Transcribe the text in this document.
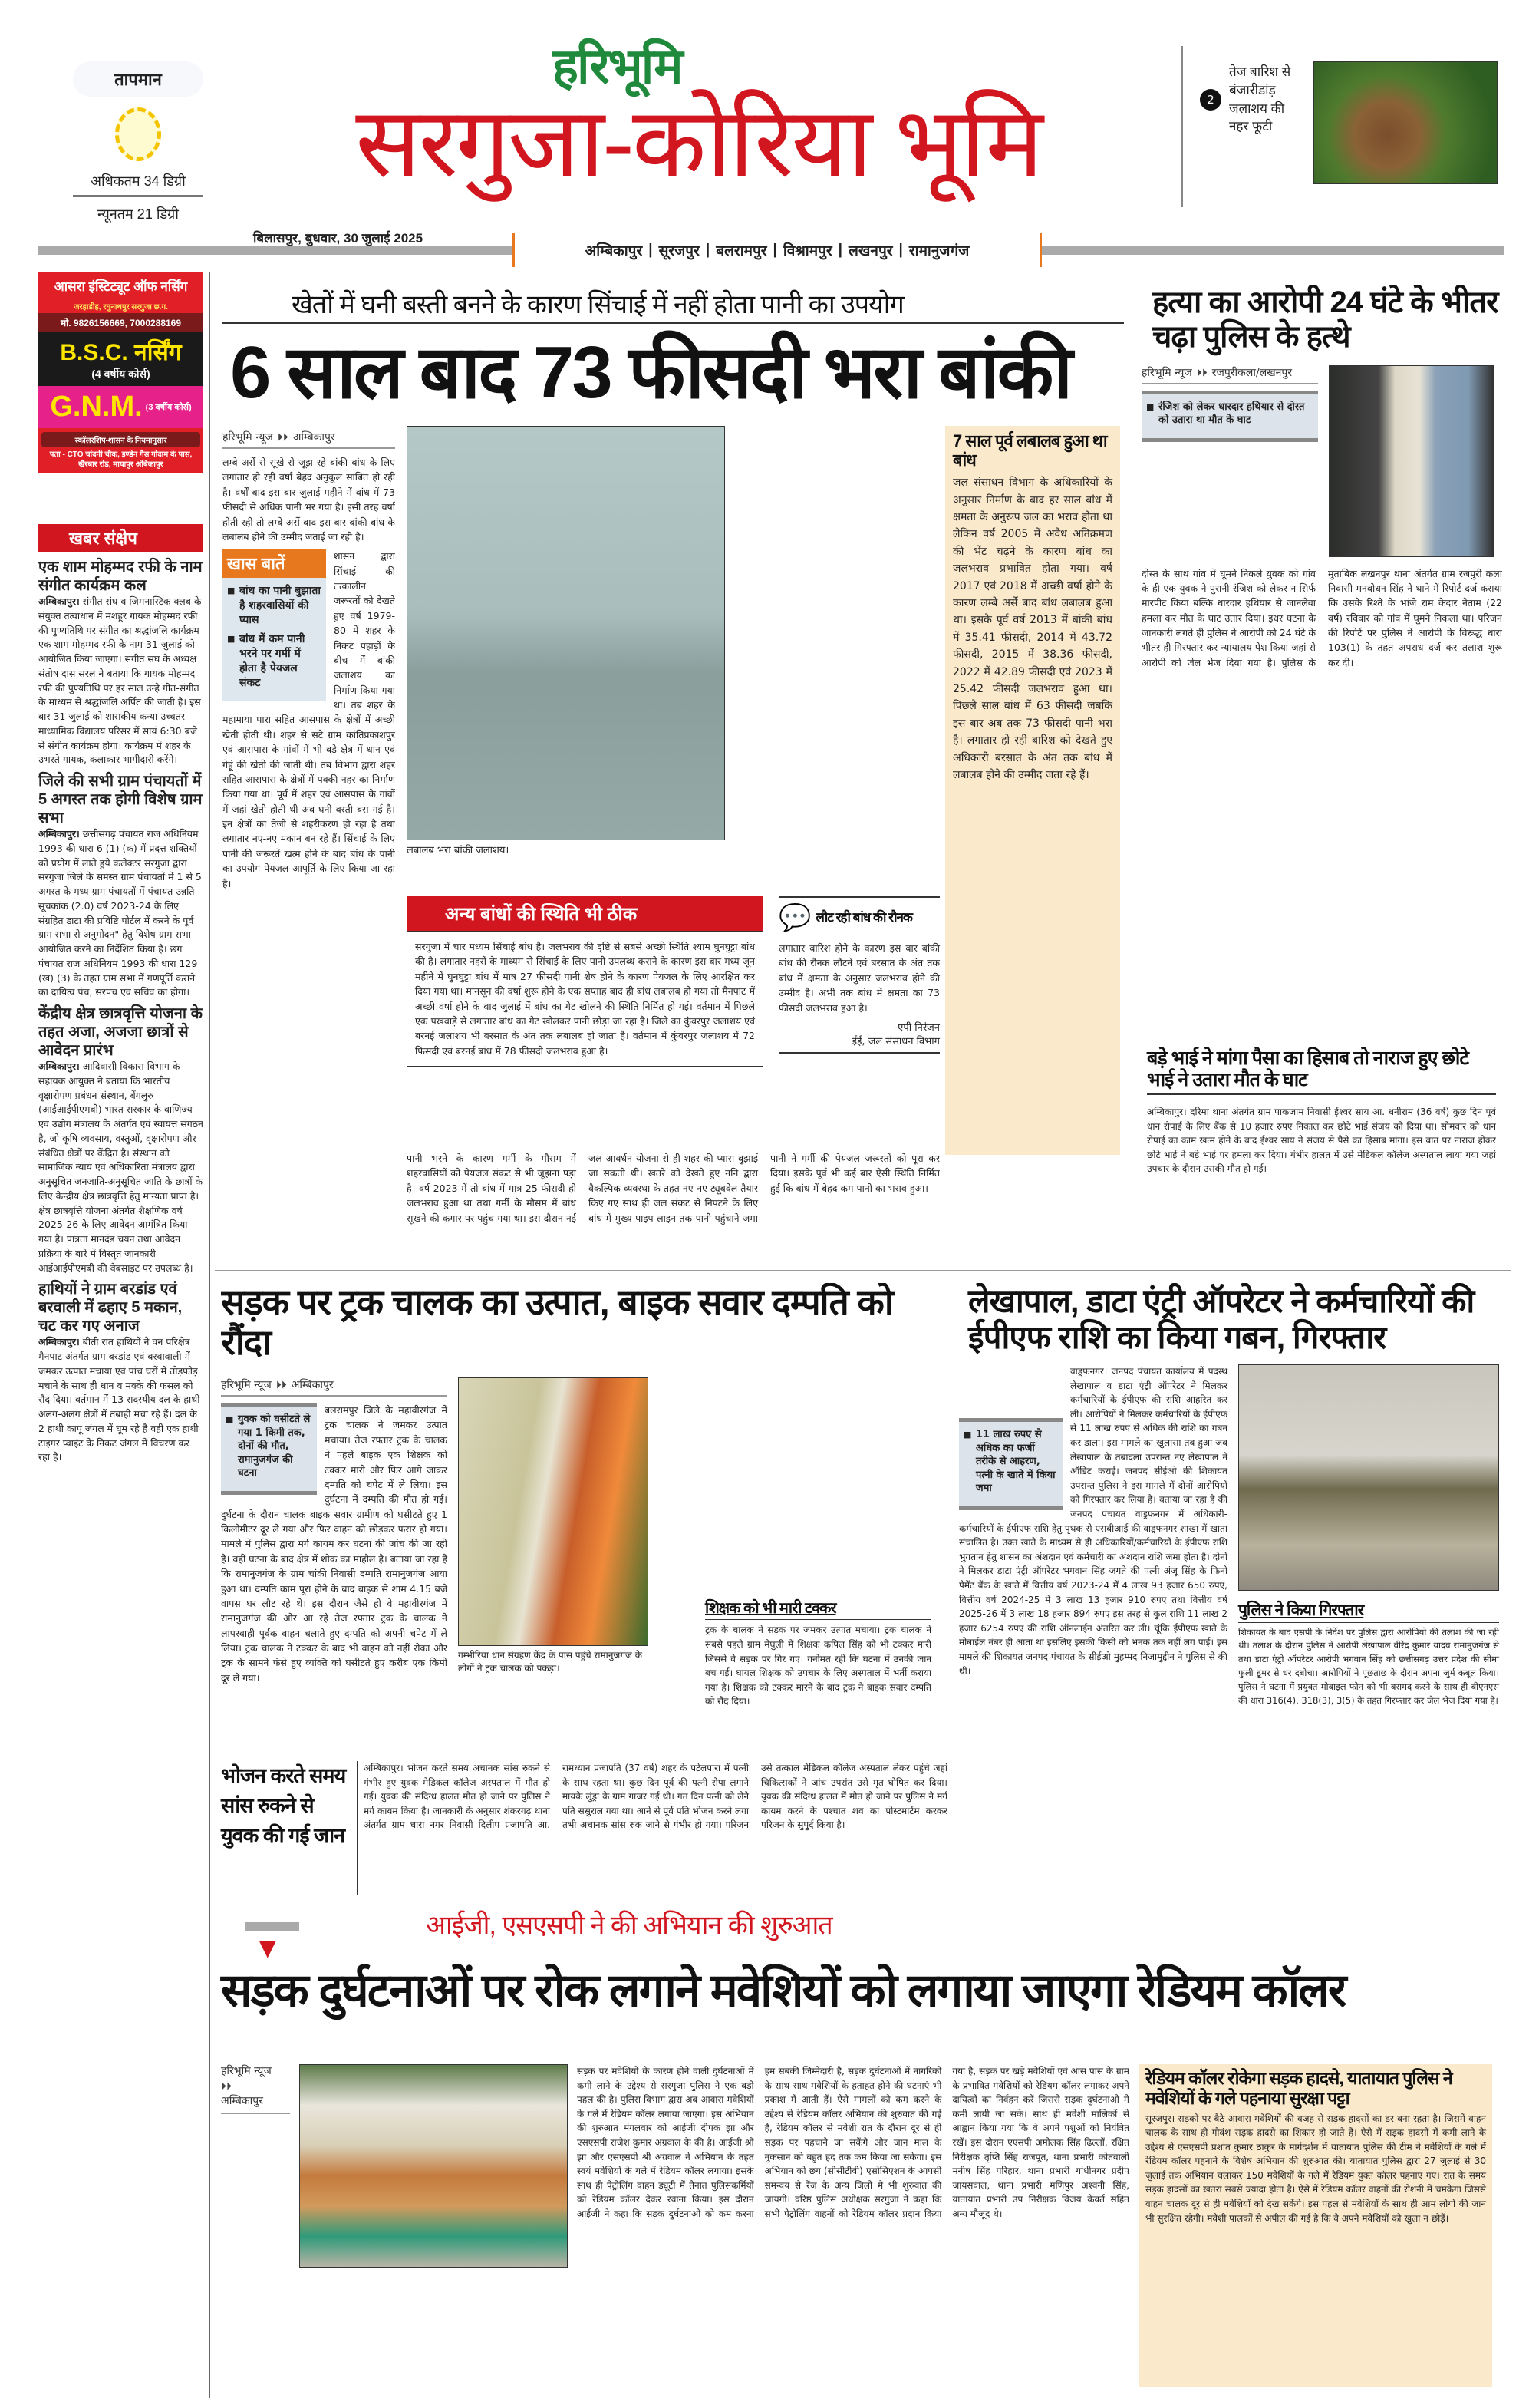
तापमान
अधिकतम 34 डिग्री
न्यूनतम 21 डिग्री
हरिभूमि
सरगुजा-कोरिया भूमि	2
तेज बारिश से बंजारीडांड़ जलाशय की नहर फूटी
बिलासपुर, बुधवार, 30 जुलाई 2025
अम्बिकापुर | सूरजपुर | बलरामपुर | विश्रामपुर | लखनपुर | रामानुजगंज
आसरा इंस्टिट्यूट ऑफ नर्सिंग
जरहाडीह, रघुनाथपुर सरगुजा छ.ग.
मो. 9826156669, 7000288169
B.S.C. नर्सिंग
(4 वर्षीय कोर्स)
G.N.M. (3 वर्षीय कोर्स)
स्कॉलरशिप-शासन के नियमानुसार
पता - CTO चांदनी चौक, इण्डेन गैस गोदाम के पास, खैरबार रोड, मायापुर अंबिकापुर
खबर संक्षेप
एक शाम मोहम्मद रफी के नाम संगीत कार्यक्रम कल
अम्बिकापुर। संगीत संघ व जिमनास्टिक क्लब के संयुक्त तत्वाधान में मशहूर गायक मोहम्मद रफी की पुण्यतिथि पर संगीत का श्रद्धांजलि कार्यक्रम एक शाम मोहम्मद रफी के नाम 31 जुलाई को आयोजित किया जाएगा। संगीत संघ के अध्यक्ष संतोष दास सरल ने बताया कि गायक मोहम्मद रफी की पुण्यतिथि पर हर साल उन्हे गीत-संगीत के माध्यम से श्रद्धांजलि अर्पित की जाती है। इस बार 31 जुलाई को शासकीय कन्या उच्चतर माध्यामिक विद्यालय परिसर में सायं 6:30 बजे से संगीत कार्यक्रम होगा। कार्यक्रम में शहर के उभरते गायक, कलाकार भागीदारी करेंगे।
जिले की सभी ग्राम पंचायतों में 5 अगस्त तक होगी विशेष ग्राम सभा
अम्बिकापुर। छत्तीसगढ़ पंचायत राज अधिनियम 1993 की धारा 6 (1) (क) में प्रदत्त शक्तियों को प्रयोग में लाते हुये कलेक्टर सरगुजा द्वारा सरगुजा जिले के समस्त ग्राम पंचायतों में 1 से 5 अगस्त के मध्य ग्राम पंचायतों में पंचायत उन्नति सूचकांक (2.0) वर्ष 2023-24 के लिए संग्रहित डाटा की प्रविष्टि पोर्टल में करने के पूर्व ग्राम सभा से अनुमोदन" हेतु विशेष ग्राम सभा आयोजित करने का निर्देशित किया है। छग पंचायत राज अधिनियम 1993 की धारा 129 (ख) (3) के तहत ग्राम सभा में गणपूर्ति कराने का दायित्व पंच, सरपंच एवं सचिव का होगा।
केंद्रीय क्षेत्र छात्रवृत्ति योजना के तहत अजा, अजजा छात्रों से आवेदन प्रारंभ
अम्बिकापुर। आदिवासी विकास विभाग के सहायक आयुक्त ने बताया कि भारतीय वृक्षारोपण प्रबंधन संस्थान, बेंगलुरु (आईआईपीएमबी) भारत सरकार के वाणिज्य एवं उद्योग मंत्रालय के अंतर्गत एवं स्वायत्त संगठन है, जो कृषि व्यवसाय, वस्तुओं, वृक्षारोपण और संबंधित क्षेत्रों पर केंद्रित है। संस्थान को सामाजिक न्याय एवं अधिकारिता मंत्रालय द्वारा अनुसूचित जनजाति-अनुसूचित जाति के छात्रों के लिए केन्द्रीय क्षेत्र छात्रवृत्ति हेतु मान्यता प्राप्त है। क्षेत्र छात्रवृत्ति योजना अंतर्गत शैक्षणिक वर्ष 2025-26 के लिए आवेदन आमंत्रित किया गया है। पात्रता मानदंड चयन तथा आवेदन प्रक्रिया के बारे में विस्तृत जानकारी आईआईपीएमबी की वेबसाइट पर उपलब्ध है।
हाथियों ने ग्राम बरडांड एवं बरवाली में ढहाए 5 मकान, चट कर गए अनाज
अम्बिकापुर। बीती रात हाथियों ने वन परिक्षेत्र मैनपाट अंतर्गत ग्राम बरडांड एवं बरवावाली में जमकर उत्पात मचाया एवं पांच घरों में तोड़फोड़ मचाने के साथ ही धान व मक्के की फसल को रौंद दिया। वर्तमान में 13 सदस्यीय दल के हाथी अलग-अलग क्षेत्रों में तबाही मचा रहे हैं। दल के 2 हाथी कापू जंगल में घूम रहे है वहीं एक हाथी टाइगर प्वाइंट के निकट जंगल में विचरण कर रहा है।
खेतों में घनी बस्ती बनने के कारण सिंचाई में नहीं होता पानी का उपयोग
6 साल बाद 73 फीसदी भरा बांकी
हरिभूमि न्यूज ⏵⏵ अम्बिकापुर
लम्बे अर्से से सूखे से जूझ रहे बांकी बांध के लिए लगातार हो रही वर्षा बेहद अनुकूल साबित हो रही है। वर्षों बाद इस बार जुलाई महीने में बांध में 73 फीसदी से अधिक पानी भर गया है। इसी तरह वर्षा होती रही तो लम्बे अर्से बाद इस बार बांकी बांध के लबालब होने की उम्मीद जताई जा रही है।
खास बातें
■ बांध का पानी बुझाता है शहरवासियों की प्यास
■ बांध में कम पानी भरने पर गर्मी में होता है पेयजल संकट
शासन द्वारा सिंचाई की तत्कालीन जरूरतों को देखते हुए वर्ष 1979-80 में शहर के निकट पहाड़ों के बीच में बांकी जलाशय का निर्माण किया गया था। तब शहर के महामाया पारा सहित आसपास के क्षेत्रों में अच्छी खेती होती थी। शहर से सटे ग्राम कांतिप्रकाशपुर एवं आसपास के गांवों में भी बड़े क्षेत्र में धान एवं गेहूं की खेती की जाती थी। तब विभाग द्वारा शहर सहित आसपास के क्षेत्रों में पक्की नहर का निर्माण किया गया था। पूर्व में शहर एवं आसपास के गांवों में जहां खेती होती थी अब घनी बस्ती बस गई है। इन क्षेत्रों का तेजी से शहरीकरण हो रहा है तथा लगातार नए-नए मकान बन रहे हैं। सिंचाई के लिए पानी की जरूरतें खत्म होने के बाद बांध के पानी का उपयोग पेयजल आपूर्ति के लिए किया जा रहा है।
लबालब भरा बांकी जलाशय।
7 साल पूर्व लबालब हुआ था बांध
जल संसाधन विभाग के अधिकारियों के अनुसार निर्माण के बाद हर साल बांध में क्षमता के अनुरूप जल का भराव होता था लेकिन वर्ष 2005 में अवैध अतिक्रमण की भेंट चढ़ने के कारण बांध का जलभराव प्रभावित होता गया। वर्ष 2017 एवं 2018 में अच्छी वर्षा होने के कारण लम्बे अर्से बाद बांध लबालब हुआ था। इसके पूर्व वर्ष 2013 में बांकी बांध में 35.41 फीसदी, 2014 में 43.72 फीसदी, 2015 में 38.36 फीसदी, 2022 में 42.89 फीसदी एवं 2023 में 25.42 फीसदी जलभराव हुआ था। पिछले साल बांध में 63 फीसदी जबकि इस बार अब तक 73 फीसदी पानी भरा है। लगातार हो रही बारिश को देखते हुए अधिकारी बरसात के अंत तक बांध में लबालब होने की उम्मीद जता रहे हैं।
अन्य बांधों की स्थिति भी ठीक
सरगुजा में चार मध्यम सिंचाई बांध है। जलभराव की दृष्टि से सबसे अच्छी स्थिति श्याम घुनघुट्टा बांध की है। लगातार नहरों के माध्यम से सिंचाई के लिए पानी उपलब्ध कराने के कारण इस बार मध्य जून महीने में घुनघुट्टा बांध में मात्र 27 फीसदी पानी शेष होने के कारण पेयजल के लिए आरक्षित कर दिया गया था। मानसून की वर्षा शुरू होने के एक सप्ताह बाद ही बांध लबालब हो गया तो मैनपाट में अच्छी वर्षा होने के बाद जुलाई में बांध का गेट खोलने की स्थिति निर्मित हो गई। वर्तमान में पिछले एक पखवाड़े से लगातार बांध का गेट खोलकर पानी छोड़ा जा रहा है। जिले का कुंवरपुर जलाशय एवं बरनई जलाशय भी बरसात के अंत तक लबालब हो जाता है। वर्तमान में कुंवरपुर जलाशय में 72 फिसदी एवं बरनई बांध में 78 फीसदी जलभराव हुआ है।
💬 लौट रही बांध की रौनक
लगातार बारिश होने के कारण इस बार बांकी बांध की रौनक लौटने एवं बरसात के अंत तक बांध में क्षमता के अनुसार जलभराव होने की उम्मीद है। अभी तक बांध में क्षमता का 73 फीसदी जलभराव हुआ है।
-एपी निरंजन
ईई, जल संसाधन विभाग
पानी भरने के कारण गर्मी के मौसम में शहरवासियों को पेयजल संकट से भी जूझना पड़ा है। वर्ष 2023 में तो बांध में मात्र 25 फीसदी ही जलभराव हुआ था तथा गर्मी के मौसम में बांध सूखने की कगार पर पहुंच गया था। इस दौरान नई जल आवर्धन योजना से ही शहर की प्यास बुझाई जा सकती थी। खतरे को देखते हुए ननि द्वारा वैकल्पिक व्यवस्था के तहत नए-नए ट्यूबवेल तैयार किए गए साथ ही जल संकट से निपटने के लिए बांध में मुख्य पाइप लाइन तक पानी पहुंचाने जमा पानी ने गर्मी की पेयजल जरूरतों को पूरा कर दिया। इसके पूर्व भी कई बार ऐसी स्थिति निर्मित हुई कि बांध में बेहद कम पानी का भराव हुआ।
हत्या का आरोपी 24 घंटे के भीतर चढ़ा पुलिस के हत्थे
हरिभूमि न्यूज ⏵⏵ रजपुरीकला/लखनपुर
■ रंजिश को लेकर धारदार हथियार से दोस्त को उतारा था मौत के घाट
दोस्त के साथ गांव में घूमने निकले युवक को गांव के ही एक युवक ने पुरानी रंजिश को लेकर न सिर्फ मारपीट किया बल्कि धारदार हथियार से जानलेवा हमला कर मौत के घाट उतार दिया। इधर घटना के जानकारी लगते ही पुलिस ने आरोपी को 24 घंटे के भीतर ही गिरफ्तार कर न्यायालय पेश किया जहां से आरोपी को जेल भेज दिया गया है। पुलिस के मुताबिक लखनपुर थाना अंतर्गत ग्राम रजपुरी कला निवासी मनबोधन सिंह ने थाने में रिपोर्ट दर्ज कराया कि उसके रिश्ते के भांजे राम केदार नेताम (22 वर्ष) रविवार को गांव में घूमने निकला था। परिजन की रिपोर्ट पर पुलिस ने आरोपी के विरूद्ध धारा 103(1) के तहत अपराध दर्ज कर तलाश शुरू कर दी।
बड़े भाई ने मांगा पैसा का हिसाब तो नाराज हुए छोटे भाई ने उतारा मौत के घाट
अम्बिकापुर। दरिमा थाना अंतर्गत ग्राम पाकजाम निवासी ईश्वर साय आ. धनीराम (36 वर्ष) कुछ दिन पूर्व धान रोपाई के लिए बैंक से 10 हजार रुपए निकाल कर छोटे भाई संजय को दिया था। सोमवार को धान रोपाई का काम खत्म होने के बाद ईश्वर साय ने संजय से पैसे का हिसाब मांगा। इस बात पर नाराज होकर छोटे भाई ने बड़े भाई पर हमला कर दिया। गंभीर हालत में उसे मेडिकल कॉलेज अस्पताल लाया गया जहां उपचार के दौरान उसकी मौत हो गई।
सड़क पर ट्रक चालक का उत्पात, बाइक सवार दम्पति को रौंदा
हरिभूमि न्यूज ⏵⏵ अम्बिकापुर
■ युवक को घसीटते ले गया 1 किमी तक, दोनों की मौत, रामानुजगंज की घटना
बलरामपुर जिले के महावीरगंज में ट्रक चालक ने जमकर उत्पात मचाया। तेज रफ्तार ट्रक के चालक ने पहले बाइक एक शिक्षक को टक्कर मारी और फिर आगे जाकर दम्पति को चपेट में ले लिया। इस दुर्घटना में दम्पति की मौत हो गई। दुर्घटना के दौरान चालक बाइक सवार ग्रामीण को घसीटते हुए 1 किलोमीटर दूर ले गया और फिर वाहन को छोड़कर फरार हो गया। मामले में पुलिस द्वारा मर्ग कायम कर घटना की जांच की जा रही है। वहीं घटना के बाद क्षेत्र में शोक का माहौल है। बताया जा रहा है कि रामानुजगंज के ग्राम चांकी निवासी दम्पति रामानुजगंज आया हुआ था। दम्पति काम पूरा होने के बाद बाइक से शाम 4.15 बजे वापस घर लौट रहे थे। इस दौरान जैसे ही वे महावीरगंज में रामानुजगंज की ओर आ रहे तेज रफ्तार ट्रक के चालक ने लापरवाही पूर्वक वाहन चलाते हुए दम्पति को अपनी चपेट में ले लिया। ट्रक चालक ने टक्कर के बाद भी वाहन को नहीं रोका और ट्रक के सामने फंसे हुए व्यक्ति को घसीटते हुए करीब एक किमी दूर ले गया।
गम्भीरिया धान संग्रहण केंद्र के पास पहुंचे रामानुजगंज के लोगों ने ट्रक चालक को पकड़ा।
शिक्षक को भी मारी टक्कर
ट्रक के चालक ने सड़क पर जमकर उत्पात मचाया। ट्रक चालक ने सबसे पहले ग्राम मेघुली में शिक्षक कपिल सिंह को भी टक्कर मारी जिससे वे सड़क पर गिर गए। गनीमत रही कि घटना में उनकी जान बच गई। घायल शिक्षक को उपचार के लिए अस्पताल में भर्ती कराया गया है। शिक्षक को टक्कर मारने के बाद ट्रक ने बाइक सवार दम्पति को रौंद दिया।
लेखापाल, डाटा एंट्री ऑपरेटर ने कर्मचारियों की ईपीएफ राशि का किया गबन, गिरफ्तार
■ 11 लाख रुपए से अधिक का फर्जी तरीके से आहरण, पत्नी के खाते में किया जमा
वाड्रफनगर। जनपद पंचायत कार्यालय में पदस्थ लेखापाल व डाटा एंट्री ऑपरेटर ने मिलकर कर्मचारियों के ईपीएफ की राशि आहरित कर ली। आरोपियों ने मिलकर कर्मचारियों के ईपीएफ से 11 लाख रुपए से अधिक की राशि का गबन कर डाला। इस मामले का खुलासा तब हुआ जब लेखापाल के तबादला उपरान्त नए लेखापाल ने ऑडिट कराई। जनपद सीईओ की शिकायत उपरान्त पुलिस ने इस मामले में दोनों आरोपियों को गिरफ्तार कर लिया है। बताया जा रहा है की जनपद पंचायत वाड्रफनगर में अधिकारी-कर्मचारियों के ईपीएफ राशि हेतु पृथक से एसबीआई की वाड्रफनगर शाखा में खाता संचालित है। उक्त खाते के माध्यम से ही अधिकारियों/कर्मचारियों के ईपीएफ राशि भुगतान हेतु शासन का अंशदान एवं कर्मचारी का अंशदान राशि जमा होता है। दोनों ने मिलकर डाटा एंट्री ऑपरेटर भगवान सिंह जगते की पत्नी अंजू सिंह के फिनो पेमेंट बैंक के खाते में वित्तीय वर्ष 2023-24 में 4 लाख 93 हजार 650 रुपए, वित्तीय वर्ष 2024-25 में 3 लाख 13 हजार 910 रुपए तथा वित्तीय वर्ष 2025-26 में 3 लाख 18 हजार 894 रुपए इस तरह से कुल राशि 11 लाख 2 हजार 6254 रुपए की राशि ऑनलाईन अंतरित कर ली। चूंकि ईपीएफ खाते के मोबाईल नंबर ही आता था इसलिए इसकी किसी को भनक तक नहीं लग पाई। इस मामले की शिकायत जनपद पंचायत के सीईओ मुहम्मद निजामुद्दीन ने पुलिस से की थी।
पुलिस ने किया गिरफ्तार
शिकायत के बाद एसपी के निर्देश पर पुलिस द्वारा आरोपियों की तलाश की जा रही थी। तलाश के दौरान पुलिस ने आरोपी लेखापाल वीरेंद्र कुमार यादव रामानुजगंज से तथा डाटा एंट्री ऑपरेटर आरोपी भगवान सिंह को छत्तीसगढ़ उत्तर प्रदेश की सीमा फुली डूमर से धर दबोचा। आरोपियों ने पूछताछ के दौरान अपना जुर्म कबूल किया। पुलिस ने घटना में प्रयुक्त मोबाइल फोन को भी बरामद करने के साथ ही बीएनएस की धारा 316(4), 318(3), 3(5) के तहत गिरफ्तार कर जेल भेज दिया गया है।
भोजन करते समय सांस रुकने से युवक की गई जान
अम्बिकापुर। भोजन करते समय अचानक सांस रुकने से गंभीर हुए युवक मेडिकल कॉलेज अस्पताल में मौत हो गई। युवक की संदिग्ध हालत मौत हो जाने पर पुलिस ने मर्ग कायम किया है। जानकारी के अनुसार शंकरगढ़ थाना अंतर्गत ग्राम धारा नगर निवासी दिलीप प्रजापति आ. रामध्यान प्रजापति (37 वर्ष) शहर के पटेलपारा में पत्नी के साथ रहता था। कुछ दिन पूर्व की पत्नी रोपा लगाने मायके लुंड्रा के ग्राम गाजर गई थी। गत दिन पत्नी को लेने पति ससुराल गया था। आने से पूर्व पति भोजन करने लगा तभी अचानक सांस रुक जाने से गंभीर हो गया। परिजन उसे तत्काल मेडिकल कॉलेज अस्पताल लेकर पहुंचे जहां चिकित्सकों ने जांच उपरांत उसे मृत घोषित कर दिया। युवक की संदिग्ध हालत में मौत हो जाने पर पुलिस ने मर्ग कायम करने के पश्चात शव का पोस्टमार्टम करकर परिजन के सुपुर्द किया है।
▼
आईजी, एसएसपी ने की अभियान की शुरुआत
सड़क दुर्घटनाओं पर रोक लगाने मवेशियों को लगाया जाएगा रेडियम कॉलर
हरिभूमि न्यूज
⏵⏵
अम्बिकापुर
सड़क पर मवेशियों के कारण होने वाली दुर्घटनाओं में कमी लाने के उद्देश्य से सरगुजा पुलिस ने एक बड़ी पहल की है। पुलिस विभाग द्वारा अब आवारा मवेशियों के गले में रेडियम कॉलर लगाया जाएगा। इस अभियान की शुरुआत मंगलवार को आईजी दीपक झा और एसएसपी राजेश कुमार अग्रवाल के की है। आईजी श्री झा और एसएसपी श्री अग्रवाल ने अभियान के तहत स्वयं मवेशियों के गले में रेडियम कॉलर लगाया। इसके साथ ही पेट्रोलिंग वाहन ड्यूटी में तैनात पुलिसकर्मियों को रेडियम कॉलर देकर रवाना किया। इस दौरान आईजी ने कहा कि सड़क दुर्घटनाओं को कम करना हम सबकी जिम्मेदारी है, सड़क दुर्घटनाओं में नागरिकों के साथ साथ मवेशियों के हताहत होने की घटनाएं भी प्रकाश में आती हैं। ऐसे मामलों को कम करने के उद्देश्य से रेडियम कॉलर अभियान की शुरुवात की गई है, रेडियम कॉलर से मवेशी रात के दौरान दूर से ही सड़क पर पहचाने जा सकेंगे और जान माल के नुकसान को बहुत हद तक कम किया जा सकेगा। इस अभियान को छग (सीसीटीवी) एसोसिएशन के आपसी समन्वय से रेंज के अन्य जिलों मे भी शुरुवात की जायगी। वरिष्ठ पुलिस अधीक्षक सरगुजा ने कहा कि सभी पेट्रोलिंग वाहनों को रेडियम कॉलर प्रदान किया गया है, सड़क पर खड़े मवेशियों एवं आस पास के ग्राम के प्रभावित मवेशियों को रेडियम कॉलर लगाकर अपने दायित्वों का निर्वहन करें जिससे सड़क दुर्घटनाओ मे कमी लायी जा सके। साथ ही मवेशी मालिकों से आह्वान किया गया कि वे अपने पशुओं को नियंत्रित रखें। इस दौरान एएसपी अमोलक सिंह ढिल्लों, रक्षित निरीक्षक तृप्ति सिंह राजपूत, थाना प्रभारी कोतवाली मनीष सिंह परिहार, थाना प्रभारी गांधीनगर प्रदीप जायसवाल, थाना प्रभारी मणिपुर अश्वनी सिंह, यातायात प्रभारी उप निरीक्षक विजय केवर्त सहित अन्य मौजूद थे।
रेडियम कॉलर रोकेगा सड़क हादसे, यातायात पुलिस ने मवेशियों के गले पहनाया सुरक्षा पट्टा
सूरजपुर। सड़कों पर बैठे आवारा मवेशियों की वजह से सड़क हादसों का डर बना रहता है। जिसमें वाहन चालक के साथ ही गौवंश सड़क हादसे का शिकार हो जाते हैं। ऐसे में सड़क हादसों में कमी लाने के उद्देश्य से एसएसपी प्रशांत कुमार ठाकुर के मार्गदर्शन में यातायात पुलिस की टीम ने मवेशियों के गले में रेडियम कॉलर पहनाने के विशेष अभियान की शुरुआत की। यातायात पुलिस द्वारा 27 जुलाई से 30 जुलाई तक अभियान चलाकर 150 मवेशियों के गले में रेडियम युक्त कॉलर पहनाए गए। रात के समय सड़क हादसों का ख़तरा सबसे ज्यादा होता है। ऐसे में रेडियम कॉलर वाहनों की रोशनी में चमकेगा जिससे वाहन चालक दूर से ही मवेशियों को देख सकेंगे। इस पहल से मवेशियों के साथ ही आम लोगों की जान भी सुरक्षित रहेगी। मवेशी पालकों से अपील की गई है कि वे अपने मवेशियों को खुला न छोड़ें।
